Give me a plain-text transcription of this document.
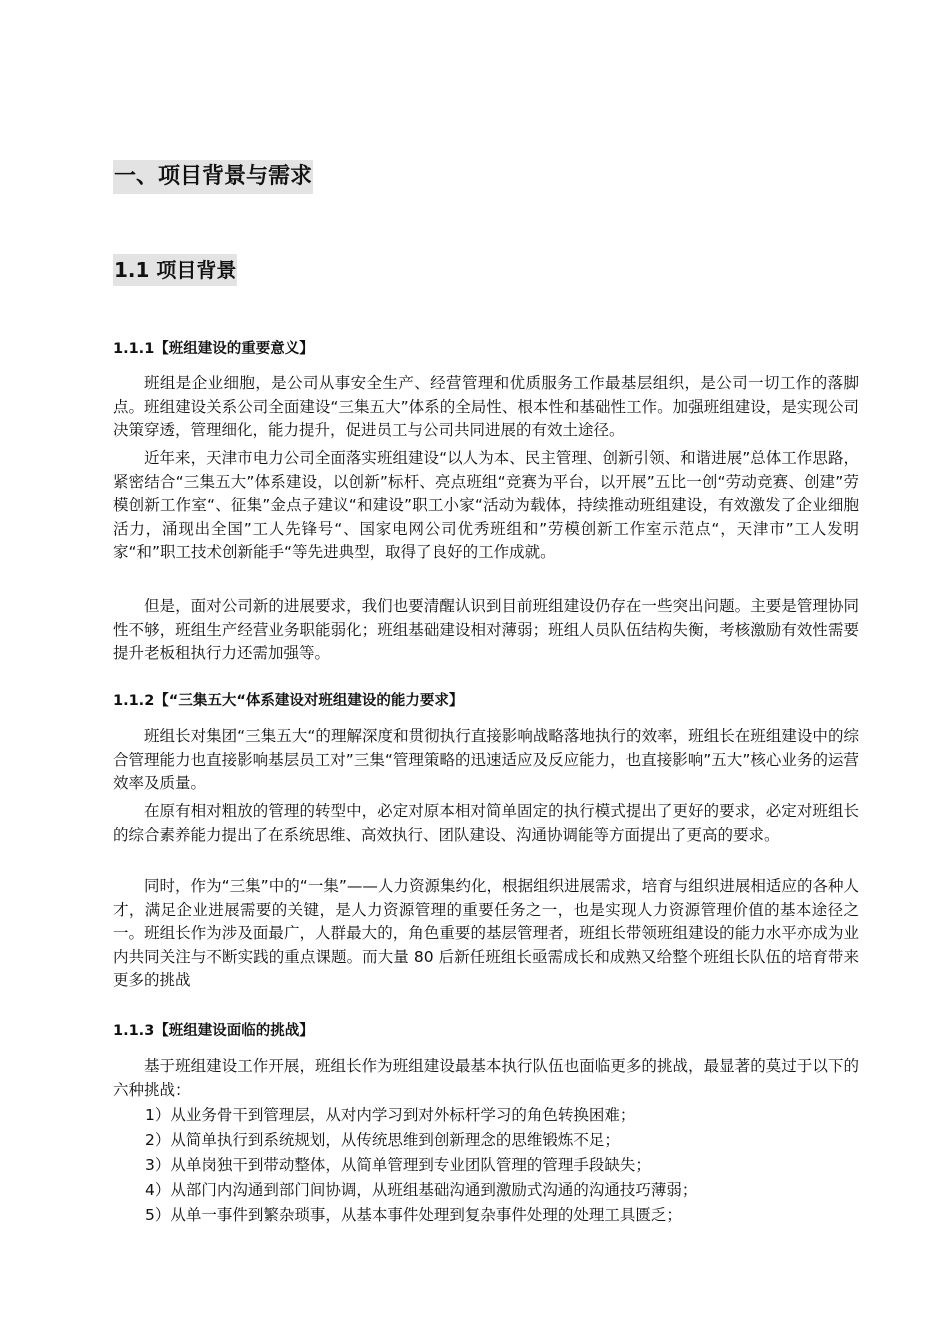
一、项目背景与需求
1.1 项目背景
1.1.1【班组建设的重要意义】

班组是企业细胞，是公司从事安全生产、经营管理和优质服务工作最基层组织，是公司一切工作的落脚点。班组建设关系公司全面建设“三集五大”体系的全局性、根本性和基础性工作。加强班组建设，是实现公司决策穿透，管理细化，能力提升，促进员工与公司共同进展的有效土途径。

近年来，天津市电力公司全面落实班组建设“以人为本、民主管理、创新引领、和谐进展”总体工作思路，紧密结合“三集五大”体系建设，以创新”标杆、亮点班组“竞赛为平台，以开展”五比一创“劳动竞赛、创建”劳模创新工作室“、征集”金点子建议“和建设”职工小家“活动为载体，持续推动班组建设，有效激发了企业细胞活力，涌现出全国”工人先锋号“、国家电网公司优秀班组和”劳模创新工作室示范点“，天津市”工人发明家“和”职工技术创新能手“等先进典型，取得了良好的工作成就。

但是，面对公司新的进展要求，我们也要清醒认识到目前班组建设仍存在一些突出问题。主要是管理协同性不够，班组生产经营业务职能弱化；班组基础建设相对薄弱；班组人员队伍结构失衡，考核激励有效性需要提升老板租执行力还需加强等。

1.1.2【“三集五大“体系建设对班组建设的能力要求】

班组长对集团“三集五大“的理解深度和贯彻执行直接影响战略落地执行的效率，班组长在班组建设中的综合管理能力也直接影响基层员工对”三集“管理策略的迅速适应及反应能力，也直接影响”五大”核心业务的运营效率及质量。

在原有相对粗放的管理的转型中，必定对原本相对简单固定的执行模式提出了更好的要求，必定对班组长的综合素养能力提出了在系统思维、高效执行、团队建设、沟通协调能等方面提出了更高的要求。

同时，作为“三集”中的“一集”——人力资源集约化，根据组织进展需求，培育与组织进展相适应的各种人才，满足企业进展需要的关键，是人力资源管理的重要任务之一，也是实现人力资源管理价值的基本途径之一。班组长作为涉及面最广，人群最大的，角色重要的基层管理者，班组长带领班组建设的能力水平亦成为业内共同关注与不断实践的重点课题。而大量 80 后新任班组长亟需成长和成熟又给整个班组长队伍的培育带来更多的挑战

1.1.3【班组建设面临的挑战】

基于班组建设工作开展，班组长作为班组建设最基本执行队伍也面临更多的挑战，最显著的莫过于以下的六种挑战：

1）从业务骨干到管理层，从对内学习到对外标杆学习的角色转换困难；
2）从简单执行到系统规划，从传统思维到创新理念的思维锻炼不足；
3）从单岗独干到带动整体，从简单管理到专业团队管理的管理手段缺失；
4）从部门内沟通到部门间协调，从班组基础沟通到激励式沟通的沟通技巧薄弱；
5）从单一事件到繁杂琐事，从基本事件处理到复杂事件处理的处理工具匮乏；
